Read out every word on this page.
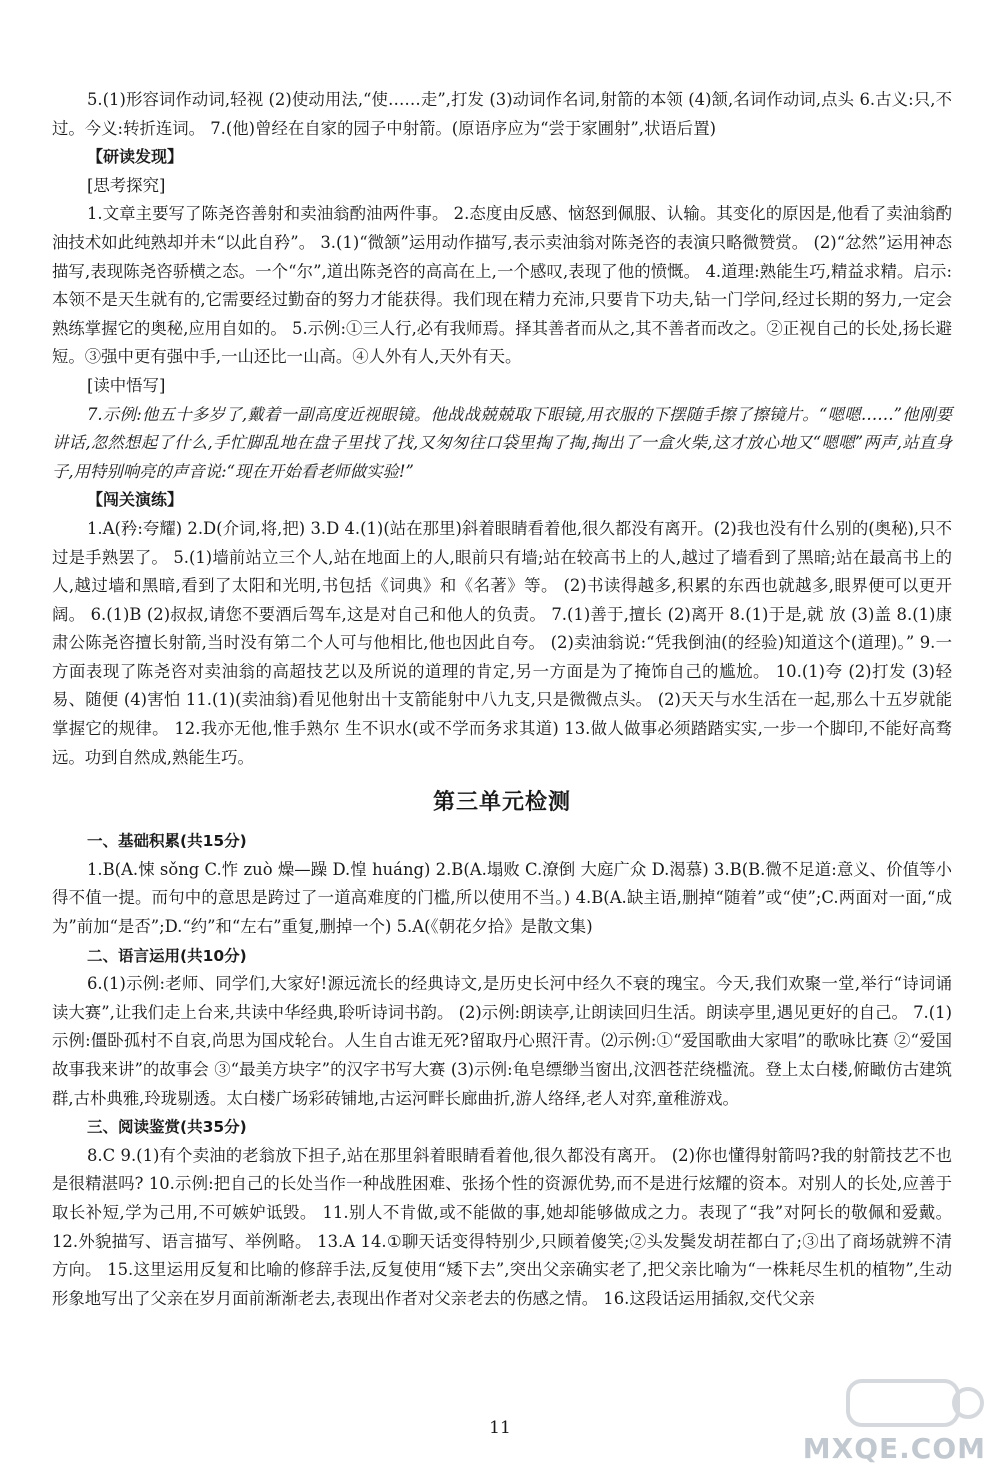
5.(1)形容词作动词,轻视 (2)使动用法,“使……走”,打发 (3)动词作名词,射箭的本领 (4)颔,名词作动词,点头 6.古义:只,不过。今义:转折连词。 7.(他)曾经在自家的园子中射箭。(原语序应为“尝于家圃射”,状语后置)

【研读发现】

[思考探究]

1.文章主要写了陈尧咨善射和卖油翁酌油两件事。 2.态度由反感、恼怒到佩服、认输。其变化的原因是,他看了卖油翁酌油技术如此纯熟却并未“以此自矜”。 3.(1)“微颔”运用动作描写,表示卖油翁对陈尧咨的表演只略微赞赏。 (2)“忿然”运用神态描写,表现陈尧咨骄横之态。一个“尔”,道出陈尧咨的高高在上,一个感叹,表现了他的愤慨。 4.道理:熟能生巧,精益求精。启示:本领不是天生就有的,它需要经过勤奋的努力才能获得。我们现在精力充沛,只要肯下功夫,钻一门学问,经过长期的努力,一定会熟练掌握它的奥秘,应用自如的。 5.示例:①三人行,必有我师焉。择其善者而从之,其不善者而改之。②正视自己的长处,扬长避短。③强中更有强中手,一山还比一山高。④人外有人,天外有天。

[读中悟写]

7.示例:他五十多岁了,戴着一副高度近视眼镜。他战战兢兢取下眼镜,用衣服的下摆随手擦了擦镜片。“嗯嗯……”他刚要讲话,忽然想起了什么,手忙脚乱地在盘子里找了找,又匆匆往口袋里掏了掏,掏出了一盒火柴,这才放心地又“嗯嗯”两声,站直身子,用特别响亮的声音说:“现在开始看老师做实验!”

【闯关演练】

1.A(矜:夸耀) 2.D(介词,将,把) 3.D 4.(1)(站在那里)斜着眼睛看着他,很久都没有离开。(2)我也没有什么别的(奥秘),只不过是手熟罢了。 5.(1)墙前站立三个人,站在地面上的人,眼前只有墙;站在较高书上的人,越过了墙看到了黑暗;站在最高书上的人,越过墙和黑暗,看到了太阳和光明,书包括《词典》和《名著》等。 (2)书读得越多,积累的东西也就越多,眼界便可以更开阔。 6.(1)B (2)叔叔,请您不要酒后驾车,这是对自己和他人的负责。 7.(1)善于,擅长 (2)离开 8.(1)于是,就 放 (3)盖 8.(1)康肃公陈尧咨擅长射箭,当时没有第二个人可与他相比,他也因此自夸。 (2)卖油翁说:“凭我倒油(的经验)知道这个(道理)。” 9.一方面表现了陈尧咨对卖油翁的高超技艺以及所说的道理的肯定,另一方面是为了掩饰自己的尴尬。 10.(1)夸 (2)打发 (3)轻易、随便 (4)害怕 11.(1)(卖油翁)看见他射出十支箭能射中八九支,只是微微点头。 (2)天天与水生活在一起,那么十五岁就能掌握它的规律。 12.我亦无他,惟手熟尔 生不识水(或不学而务求其道) 13.做人做事必须踏踏实实,一步一个脚印,不能好高骛远。功到自然成,熟能生巧。

第三单元检测

一、基础积累(共15分)

1.B(A.悚 sǒng C.怍 zuò 燥—躁 D.惶 huáng) 2.B(A.塌败 C.潦倒 大庭广众 D.渴慕) 3.B(B.微不足道:意义、价值等小得不值一提。而句中的意思是跨过了一道高难度的门槛,所以使用不当。) 4.B(A.缺主语,删掉“随着”或“使”;C.两面对一面,“成为”前加“是否”;D.“约”和“左右”重复,删掉一个) 5.A(《朝花夕拾》是散文集)

二、语言运用(共10分)

6.(1)示例:老师、同学们,大家好!源远流长的经典诗文,是历史长河中经久不衰的瑰宝。今天,我们欢聚一堂,举行“诗词诵读大赛”,让我们走上台来,共读中华经典,聆听诗词书韵。 (2)示例:朗读亭,让朗读回归生活。朗读亭里,遇见更好的自己。 7.(1)示例:僵卧孤村不自哀,尚思为国戍轮台。人生自古谁无死?留取丹心照汗青。⑵示例:①“爱国歌曲大家唱”的歌咏比赛 ②“爱国故事我来讲”的故事会 ③“最美方块字”的汉字书写大赛 (3)示例:龟皂缥缈当窗出,汶泗苍茫绕槛流。登上太白楼,俯瞰仿古建筑群,古朴典雅,玲珑剔透。太白楼广场彩砖铺地,古运河畔长廊曲折,游人络绎,老人对弈,童稚游戏。

三、阅读鉴赏(共35分)

8.C 9.(1)有个卖油的老翁放下担子,站在那里斜着眼睛看着他,很久都没有离开。 (2)你也懂得射箭吗?我的射箭技艺不也是很精湛吗? 10.示例:把自己的长处当作一种战胜困难、张扬个性的资源优势,而不是进行炫耀的资本。对别人的长处,应善于取长补短,学为己用,不可嫉妒诋毁。 11.别人不肯做,或不能做的事,她却能够做成之力。表现了“我”对阿长的敬佩和爱戴。 12.外貌描写、语言描写、举例略。 13.A 14.①聊天话变得特别少,只顾着傻笑;②头发鬓发胡茬都白了;③出了商场就辨不清方向。 15.这里运用反复和比喻的修辞手法,反复使用“矮下去”,突出父亲确实老了,把父亲比喻为“一株耗尽生机的植物”,生动形象地写出了父亲在岁月面前渐渐老去,表现出作者对父亲老去的伤感之情。 16.这段话运用插叙,交代父亲

11
MXQE.COM
